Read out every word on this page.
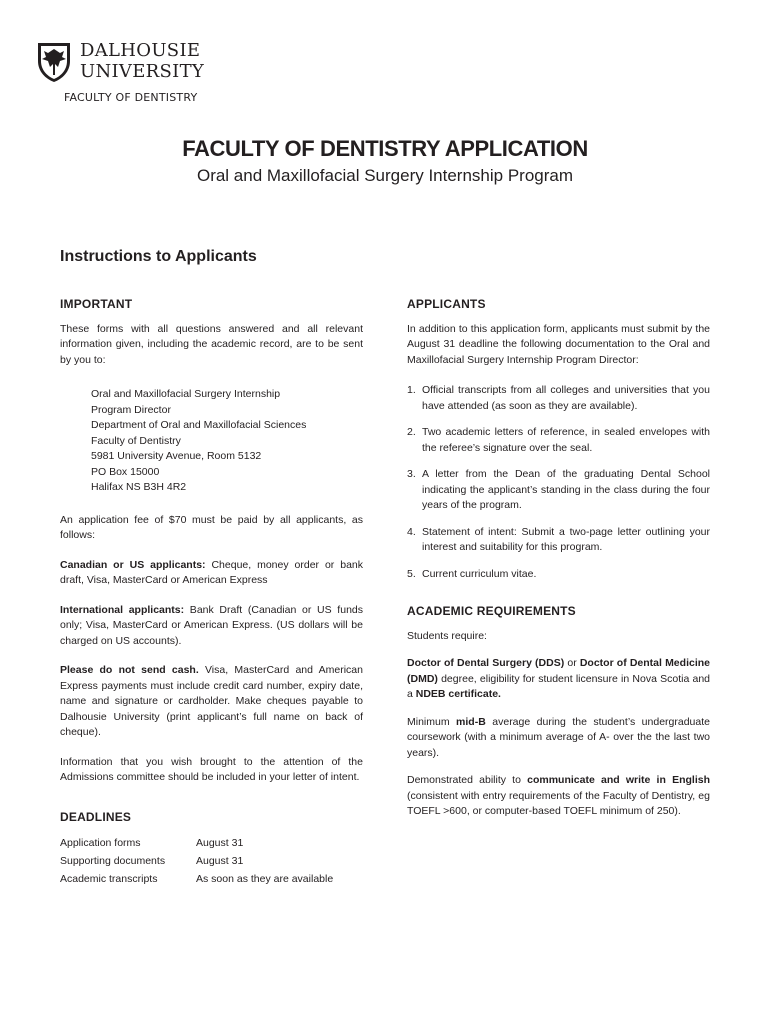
DALHOUSIE
UNIVERSITY
FACULTY OF DENTISTRY
FACULTY OF DENTISTRY APPLICATION
Oral and Maxillofacial Surgery Internship Program
Instructions to Applicants
IMPORTANT

These forms with all questions answered and all relevant information given, including the academic record, are to be sent by you to:

Oral and Maxillofacial Surgery Internship
Program Director
Department of Oral and Maxillofacial Sciences
Faculty of Dentistry
5981 University Avenue, Room 5132
PO Box 15000
Halifax NS B3H 4R2

An application fee of $70 must be paid by all applicants, as follows:

Canadian or US applicants: Cheque, money order or bank draft, Visa, MasterCard or American Express

International applicants: Bank Draft (Canadian or US funds only; Visa, MasterCard or American Express. (US dollars will be charged on US accounts).

Please do not send cash. Visa, MasterCard and American Express payments must include credit card number, expiry date, name and signature or cardholder. Make cheques payable to Dalhousie University (print applicant’s full name on back of cheque).

Information that you wish brought to the attention of the Admissions committee should be included in your letter of intent.

DEADLINES
Application forms	August 31
Supporting documents	August 31
Academic transcripts	As soon as they are available
APPLICANTS

In addition to this application form, applicants must submit by the August 31 deadline the following documentation to the Oral and Maxillofacial Surgery Internship Program Director:

1. Official transcripts from all colleges and universities that you have attended (as soon as they are available).
2. Two academic letters of reference, in sealed envelopes with the referee’s signature over the seal.
3. A letter from the Dean of the graduating Dental School indicating the applicant’s standing in the class during the four years of the program.
4. Statement of intent: Submit a two-page letter outlining your interest and suitability for this program.
5. Current curriculum vitae.
ACADEMIC REQUIREMENTS

Students require:

Doctor of Dental Surgery (DDS) or Doctor of Dental Medicine (DMD) degree, eligibility for student licensure in Nova Scotia and a NDEB certificate.

Minimum mid-B average during the student’s undergraduate coursework (with a minimum average of A- over the the last two years).

Demonstrated ability to communicate and write in English (consistent with entry requirements of the Faculty of Dentistry, eg TOEFL >600, or computer-based TOEFL minimum of 250).
